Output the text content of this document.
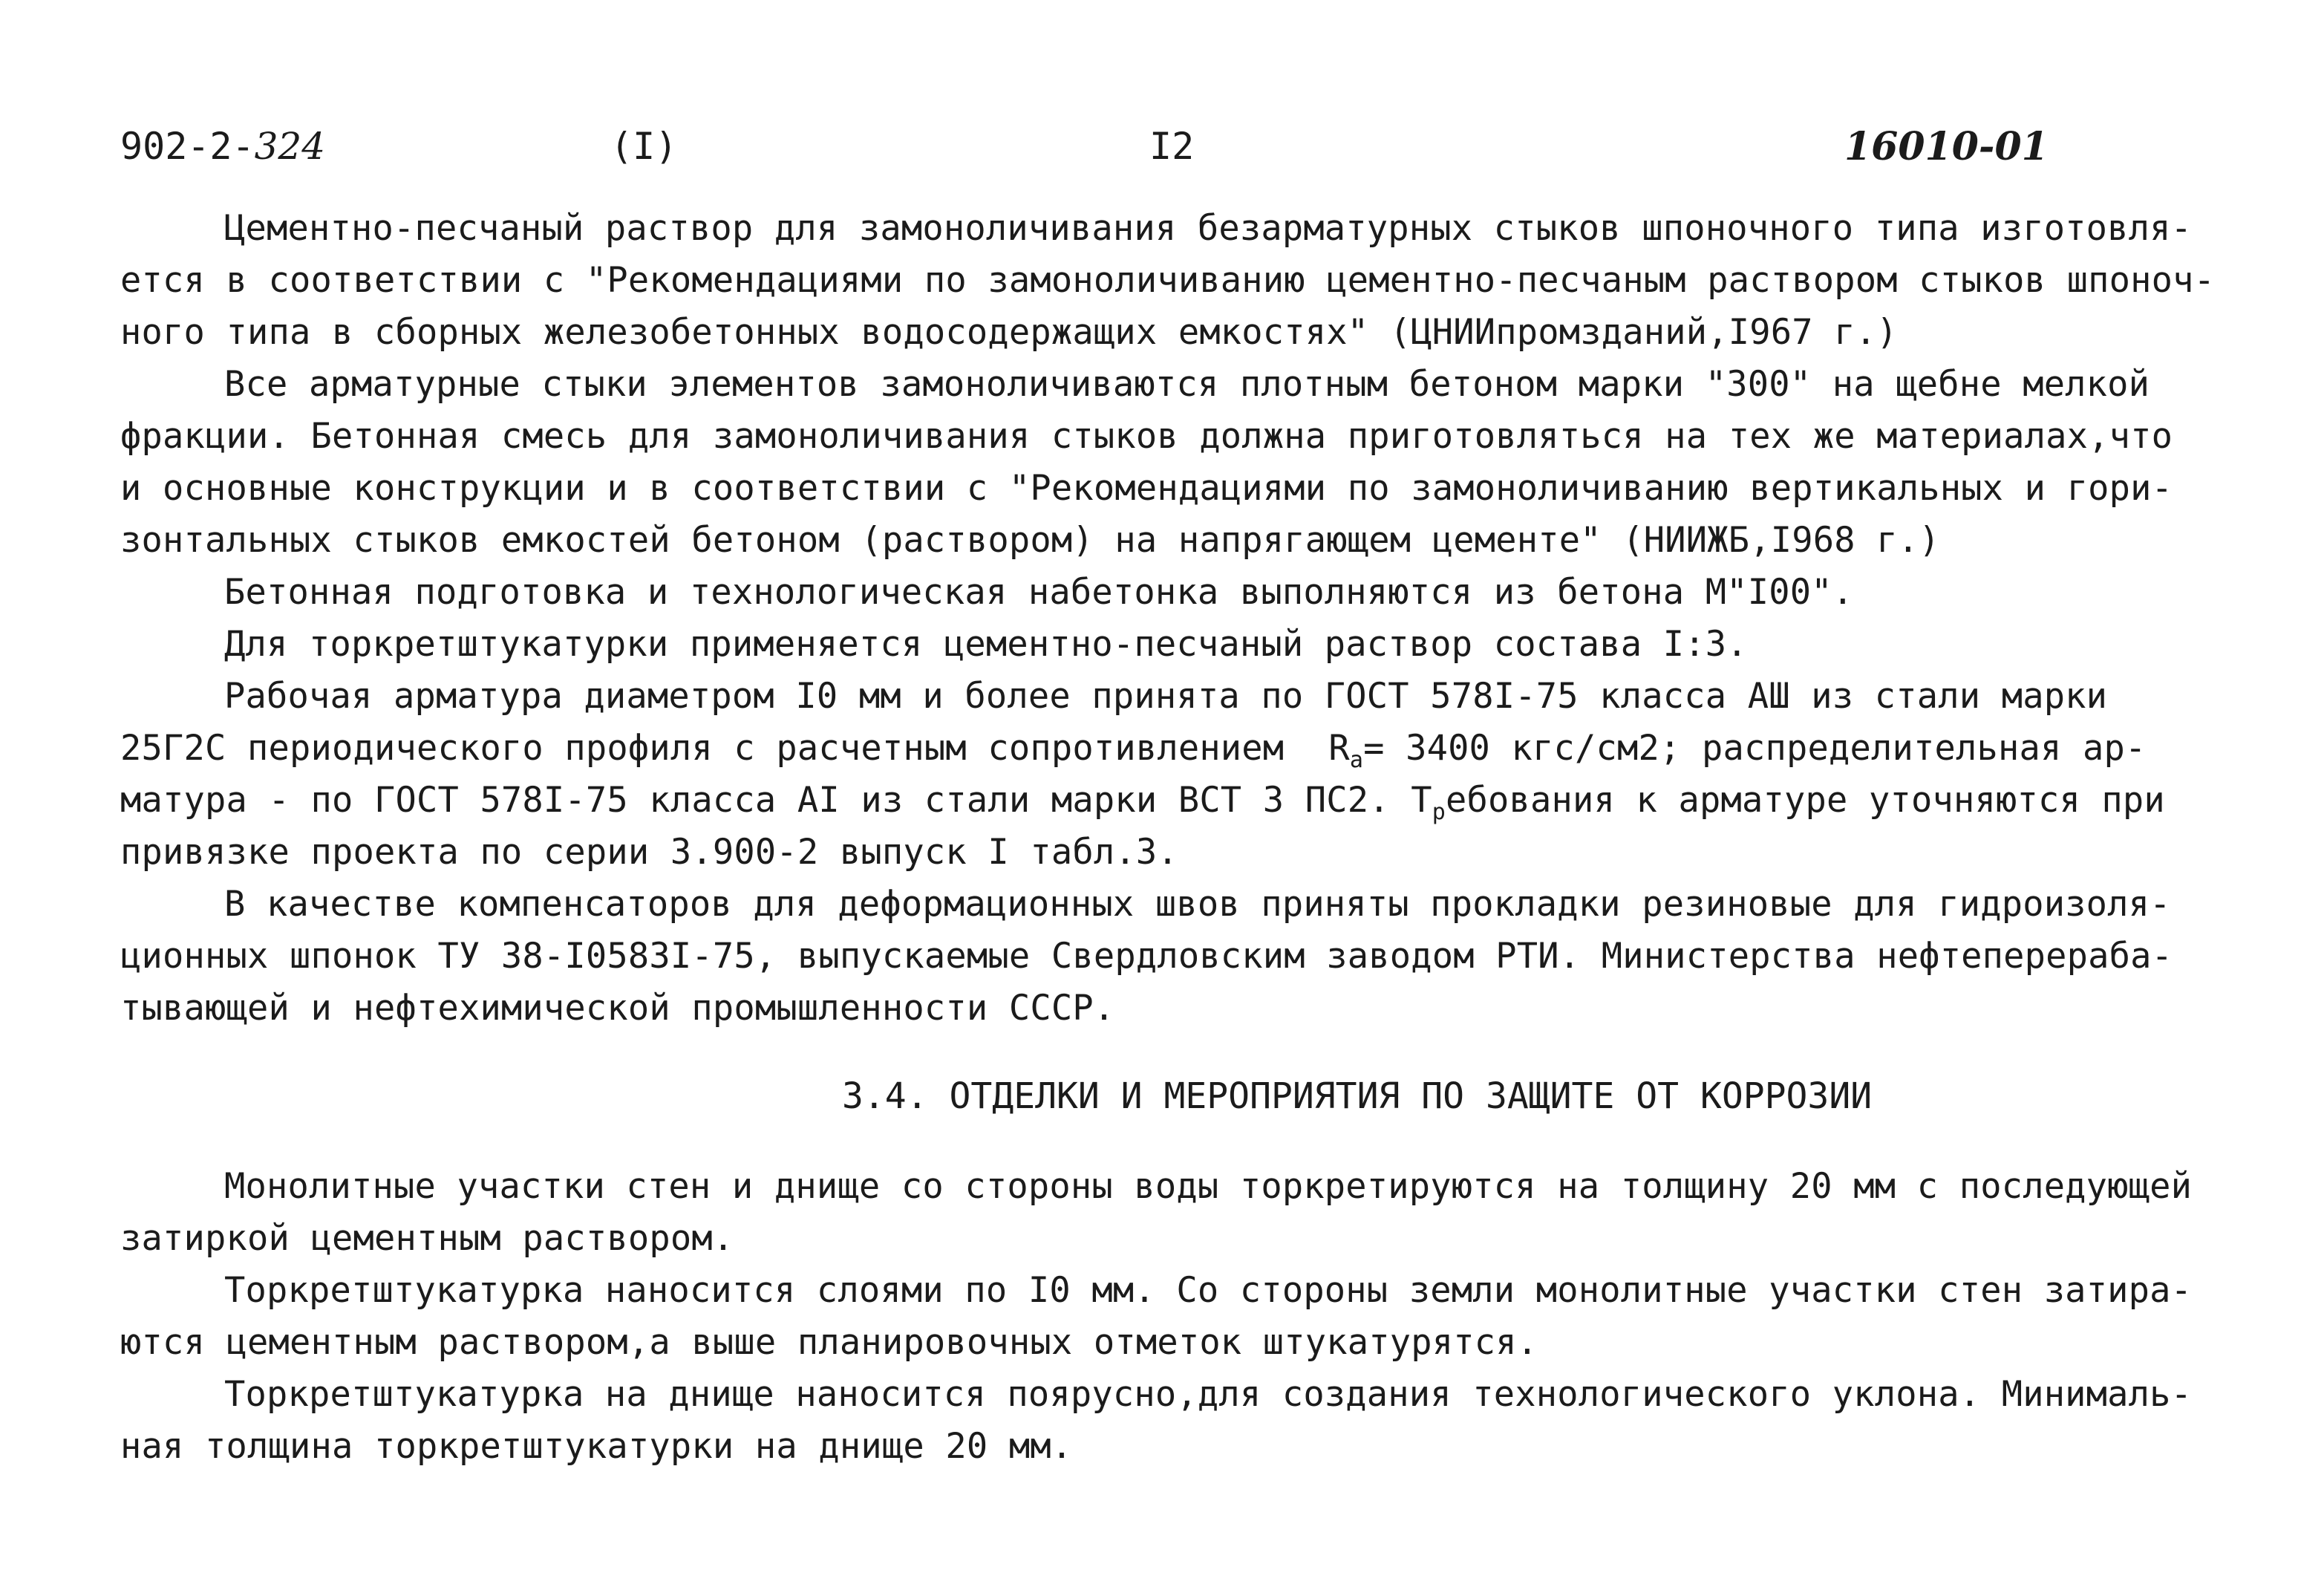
902-2-324	(I)	I2	16010-01
Цементно-песчаный раствор для замоноличивания безарматурных стыков шпоночного типа изготовля-
ется в соответствии с "Рекомендациями по замоноличиванию цементно-песчаным раствором стыков шпоноч-
ного типа в сборных железобетонных водосодержащих емкостях" (ЦНИИпромзданий,I967 г.)
Все арматурные стыки элементов замоноличиваются плотным бетоном марки "300" на щебне мелкой
фракции. Бетонная смесь для замоноличивания стыков должна приготовляться на тех же материалах,что
и основные конструкции и в соответствии с "Рекомендациями по замоноличиванию вертикальных и гори-
зонтальных стыков емкостей бетоном (раствором) на напрягающем цементе" (НИИЖБ,I968 г.)
Бетонная подготовка и технологическая набетонка выполняются из бетона М"I00".
Для торкретштукатурки применяется цементно-песчаный раствор состава I:3.
Рабочая арматура диаметром I0 мм и более принята по ГОСТ 578I-75 класса АШ из стали марки
25Г2С периодического профиля с расчетным сопротивлением $R_a= 3400$ кгс/см2; распределительная ар-
матура - по ГОСТ 578I-75 класса АI из стали марки ВСТ 3 ПС2. $Т_ребования$ к арматуре уточняются при
привязке проекта по серии 3.900-2 выпуск I табл.3.
В качестве компенсаторов для деформационных швов приняты прокладки резиновые для гидроизоля-
ционных шпонок ТУ 38-I0583I-75, выпускаемые Свердловским заводом РТИ. Министерства нефтеперераба-
тывающей и нефтехимической промышленности СССР.
3.4. ОТДЕЛКИ И МЕРОПРИЯТИЯ ПО ЗАЩИТЕ ОТ КОРРОЗИИ
Монолитные участки стен и днище со стороны воды торкретируются на толщину 20 мм с последующей
затиркой цементным раствором.
Торкретштукатурка наносится слоями по I0 мм. Со стороны земли монолитные участки стен затира-
ются цементным раствором,а выше планировочных отметок штукатурятся.
Торкретштукатурка на днище наносится поярусно,для создания технологического уклона. Минималь-
ная толщина торкретштукатурки на днище 20 мм.
